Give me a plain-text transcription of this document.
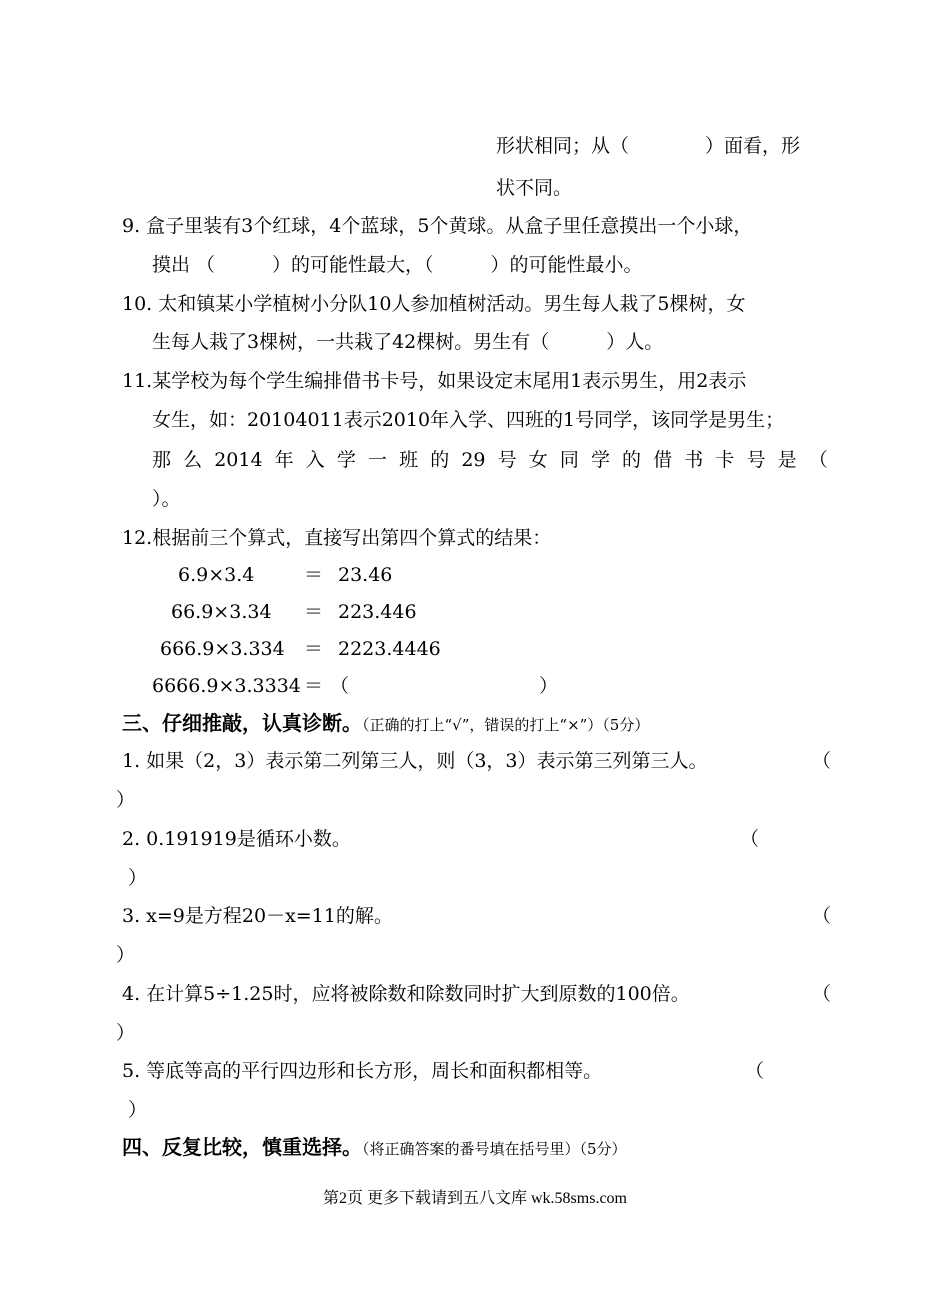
形状相同；从（　　　　）面看，形
状不同。
9. 盒子里装有3个红球，4个蓝球，5个黄球。从盒子里任意摸出一个小球，
摸出 （　　　）的可能性最大，（　　　）的可能性最小。
10. 太和镇某小学植树小分队10人参加植树活动。男生每人栽了5棵树，女
生每人栽了3棵树，一共栽了42棵树。男生有（　　　）人。
11.某学校为每个学生编排借书卡号，如果设定末尾用1表示男生，用2表示
女生，如：20104011表示2010年入学、四班的1号同学，该同学是男生；
那 么 2014 年 入 学 一 班 的 29 号 女 同 学 的 借 书 卡 号 是 （
）。
12.根据前三个算式，直接写出第四个算式的结果：
6.9×3.4	＝ 23.46
66.9×3.34 ＝ 223.446
666.9×3.334 ＝ 2223.4446
6666.9×3.3334 ＝ （　　　　　　　　　　）
三、仔细推敲，认真诊断。（正确的打上“√”，错误的打上“×”）（5分）
1. 如果（2，3）表示第二列第三人，则（3，3）表示第三列第三人。	（
）
2. 0.191919是循环小数。	（
）
3. x=9是方程20－x=11的解。	（
）
4. 在计算5÷1.25时，应将被除数和除数同时扩大到原数的100倍。	（
）
5. 等底等高的平行四边形和长方形，周长和面积都相等。	（
）
四、反复比较，慎重选择。（将正确答案的番号填在括号里）（5分）
第2页 更多下载请到五八文库 wk.58sms.com
